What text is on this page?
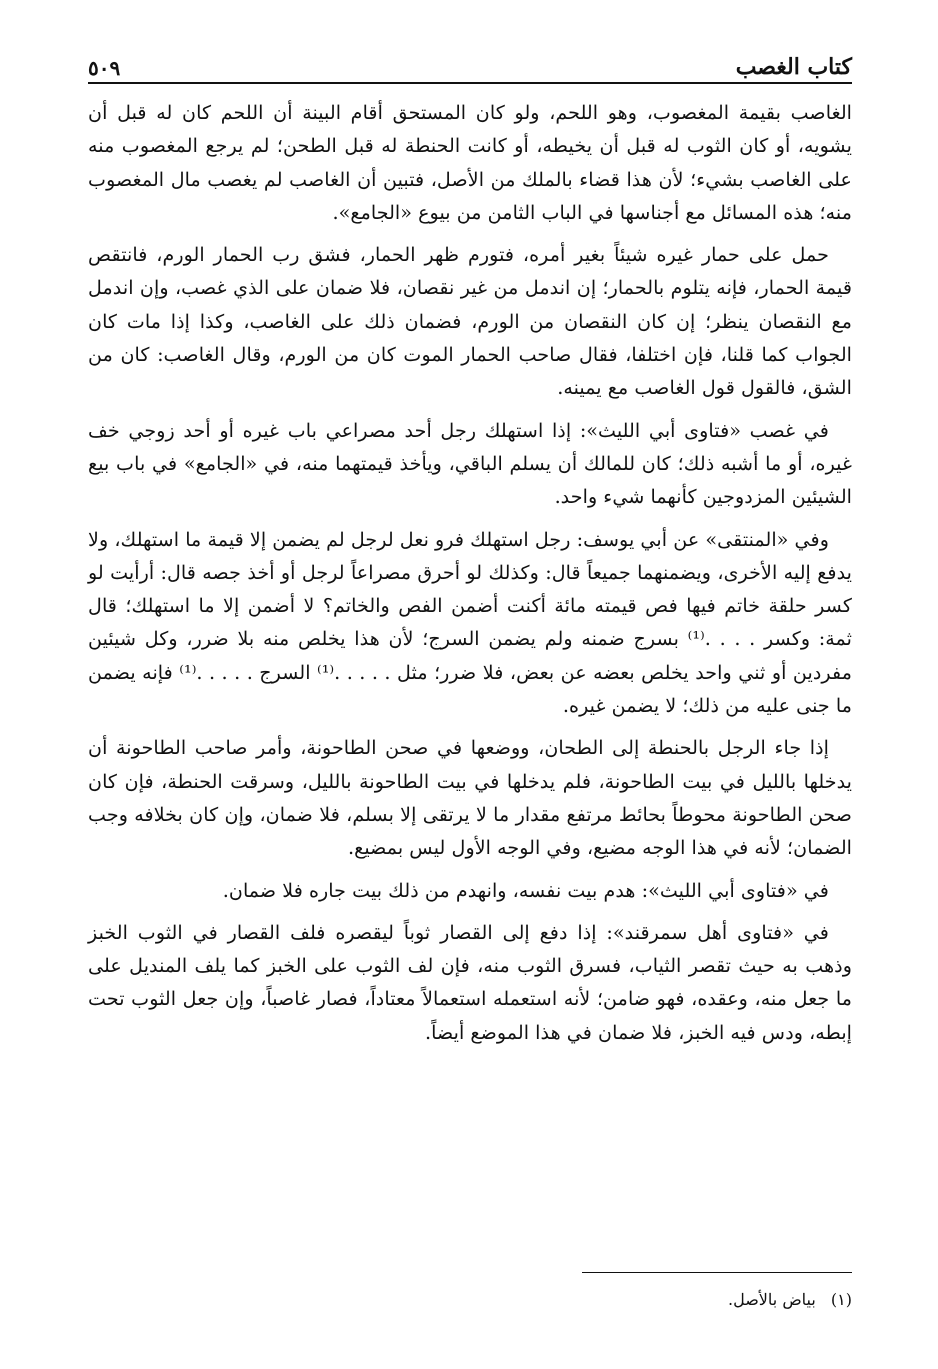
٥٠٩	كتاب الغصب

الغاصب بقيمة المغصوب، وهو اللحم، ولو كان المستحق أقام البينة أن اللحم كان له قبل أن يشويه، أو كان الثوب له قبل أن يخيطه، أو كانت الحنطة له قبل الطحن؛ لم يرجع المغصوب منه على الغاصب بشيء؛ لأن هذا قضاء بالملك من الأصل، فتبين أن الغاصب لم يغصب مال المغصوب منه؛ هذه المسائل مع أجناسها في الباب الثامن من بيوع «الجامع».

حمل على حمار غيره شيئاً بغير أمره، فتورم ظهر الحمار، فشق رب الحمار الورم، فانتقص قيمة الحمار، فإنه يتلوم بالحمار؛ إن اندمل من غير نقصان، فلا ضمان على الذي غصب، وإن اندمل مع النقصان ينظر؛ إن كان النقصان من الورم، فضمان ذلك على الغاصب، وكذا إذا مات كان الجواب كما قلنا، فإن اختلفا، فقال صاحب الحمار الموت كان من الورم، وقال الغاصب: كان من الشق، فالقول قول الغاصب مع يمينه.

في غصب «فتاوى أبي الليث»: إذا استهلك رجل أحد مصراعي باب غيره أو أحد زوجي خف غيره، أو ما أشبه ذلك؛ كان للمالك أن يسلم الباقي، ويأخذ قيمتهما منه، في «الجامع» في باب بيع الشيئين المزدوجين كأنهما شيء واحد.

وفي «المنتقى» عن أبي يوسف: رجل استهلك فرو نعل لرجل لم يضمن إلا قيمة ما استهلك، ولا يدفع إليه الأخرى، ويضمنهما جميعاً قال: وكذلك لو أحرق مصراعاً لرجل أو أخذ جصه قال: أرأيت لو كسر حلقة خاتم فيها فص قيمته مائة أكنت أضمن الفص والخاتم؟ لا أضمن إلا ما استهلك؛ قال ثمة: وكسر . . . .⁽¹⁾ بسرج ضمنه ولم يضمن السرج؛ لأن هذا يخلص منه بلا ضرر، وكل شيئين مفردين أو ثني واحد يخلص بعضه عن بعض، فلا ضرر؛ مثل . . . . .⁽¹⁾ السرج . . . . .⁽¹⁾ فإنه يضمن ما جنى عليه من ذلك؛ لا يضمن غيره.

إذا جاء الرجل بالحنطة إلى الطحان، ووضعها في صحن الطاحونة، وأمر صاحب الطاحونة أن يدخلها بالليل في بيت الطاحونة، فلم يدخلها في بيت الطاحونة بالليل، وسرقت الحنطة، فإن كان صحن الطاحونة محوطاً بحائط مرتفع مقدار ما لا يرتقى إلا بسلم، فلا ضمان، وإن كان بخلافه وجب الضمان؛ لأنه في هذا الوجه مضيع، وفي الوجه الأول ليس بمضيع.

في «فتاوى أبي الليث»: هدم بيت نفسه، وانهدم من ذلك بيت جاره فلا ضمان.

في «فتاوى أهل سمرقند»: إذا دفع إلى القصار ثوباً ليقصره فلف القصار في الثوب الخبز وذهب به حيث تقصر الثياب، فسرق الثوب منه، فإن لف الثوب على الخبز كما يلف المنديل على ما جعل منه، وعقده، فهو ضامن؛ لأنه استعمله استعمالاً معتاداً، فصار غاصباً، وإن جعل الثوب تحت إبطه، ودس فيه الخبز، فلا ضمان في هذا الموضع أيضاً.

(١) بياض بالأصل.
